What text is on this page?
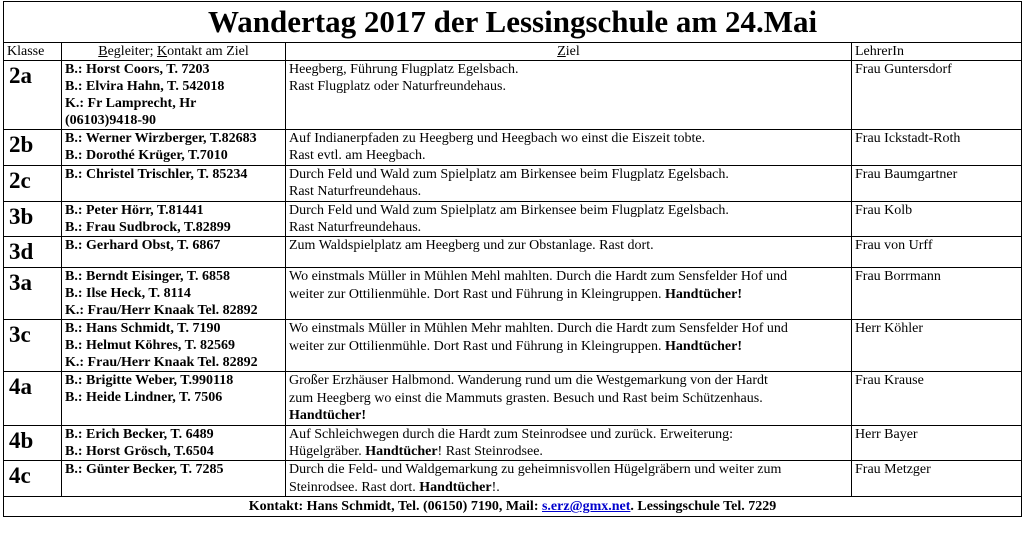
Wandertag 2017 der Lessingschule am 24.Mai			
Klasse	Begleiter; Kontakt am Ziel	Ziel	LehrerIn
2a	B.: Horst Coors, T. 7203
B.: Elvira Hahn, T. 542018
K.: Fr Lamprecht, Hr
(06103)9418-90	Heegberg, Führung Flugplatz Egelsbach.
Rast Flugplatz oder Naturfreundehaus.	Frau Guntersdorf
2b	B.: Werner Wirzberger, T.82683
B.: Dorothé Krüger, T.7010	Auf Indianerpfaden zu Heegberg und Heegbach wo einst die Eiszeit tobte.
Rast evtl. am Heegbach.	Frau Ickstadt-Roth
2c	B.: Christel Trischler, T. 85234	Durch Feld und Wald zum Spielplatz am Birkensee beim Flugplatz Egelsbach.
Rast Naturfreundehaus.	Frau Baumgartner
3b	B.: Peter Hörr, T.81441
B.: Frau Sudbrock, T.82899	Durch Feld und Wald zum Spielplatz am Birkensee beim Flugplatz Egelsbach.
Rast Naturfreundehaus.	Frau Kolb
3d	B.: Gerhard Obst, T. 6867	Zum Waldspielplatz am Heegberg und zur Obstanlage. Rast dort.	Frau von Urff
3a	B.: Berndt Eisinger, T. 6858
B.: Ilse Heck, T. 8114
K.: Frau/Herr Knaak Tel. 82892	Wo einstmals Müller in Mühlen Mehl mahlten. Durch die Hardt zum Sensfelder Hof und
weiter zur Ottilienmühle. Dort Rast und Führung in Kleingruppen. Handtücher!	Frau Borrmann
3c	B.: Hans Schmidt, T. 7190
B.: Helmut Köhres, T. 82569
K.: Frau/Herr Knaak Tel. 82892	Wo einstmals Müller in Mühlen Mehr mahlten. Durch die Hardt zum Sensfelder Hof und
weiter zur Ottilienmühle. Dort Rast und Führung in Kleingruppen. Handtücher!	Herr Köhler
4a	B.: Brigitte Weber, T.990118
B.: Heide Lindner, T. 7506	Großer Erzhäuser Halbmond. Wanderung rund um die Westgemarkung von der Hardt
zum Heegberg wo einst die Mammuts grasten. Besuch und Rast beim Schützenhaus.
Handtücher!	Frau Krause
4b	B.: Erich Becker, T. 6489
B.: Horst Grösch, T.6504	Auf Schleichwegen durch die Hardt zum Steinrodsee und zurück. Erweiterung:
Hügelgräber. Handtücher! Rast Steinrodsee.	Herr Bayer
4c	B.: Günter Becker, T. 7285	Durch die Feld- und Waldgemarkung zu geheimnisvollen Hügelgräbern und weiter zum
Steinrodsee. Rast dort. Handtücher!.	Frau Metzger
Kontakt: Hans Schmidt, Tel. (06150) 7190, Mail: s.erz@gmx.net. Lessingschule Tel. 7229			
